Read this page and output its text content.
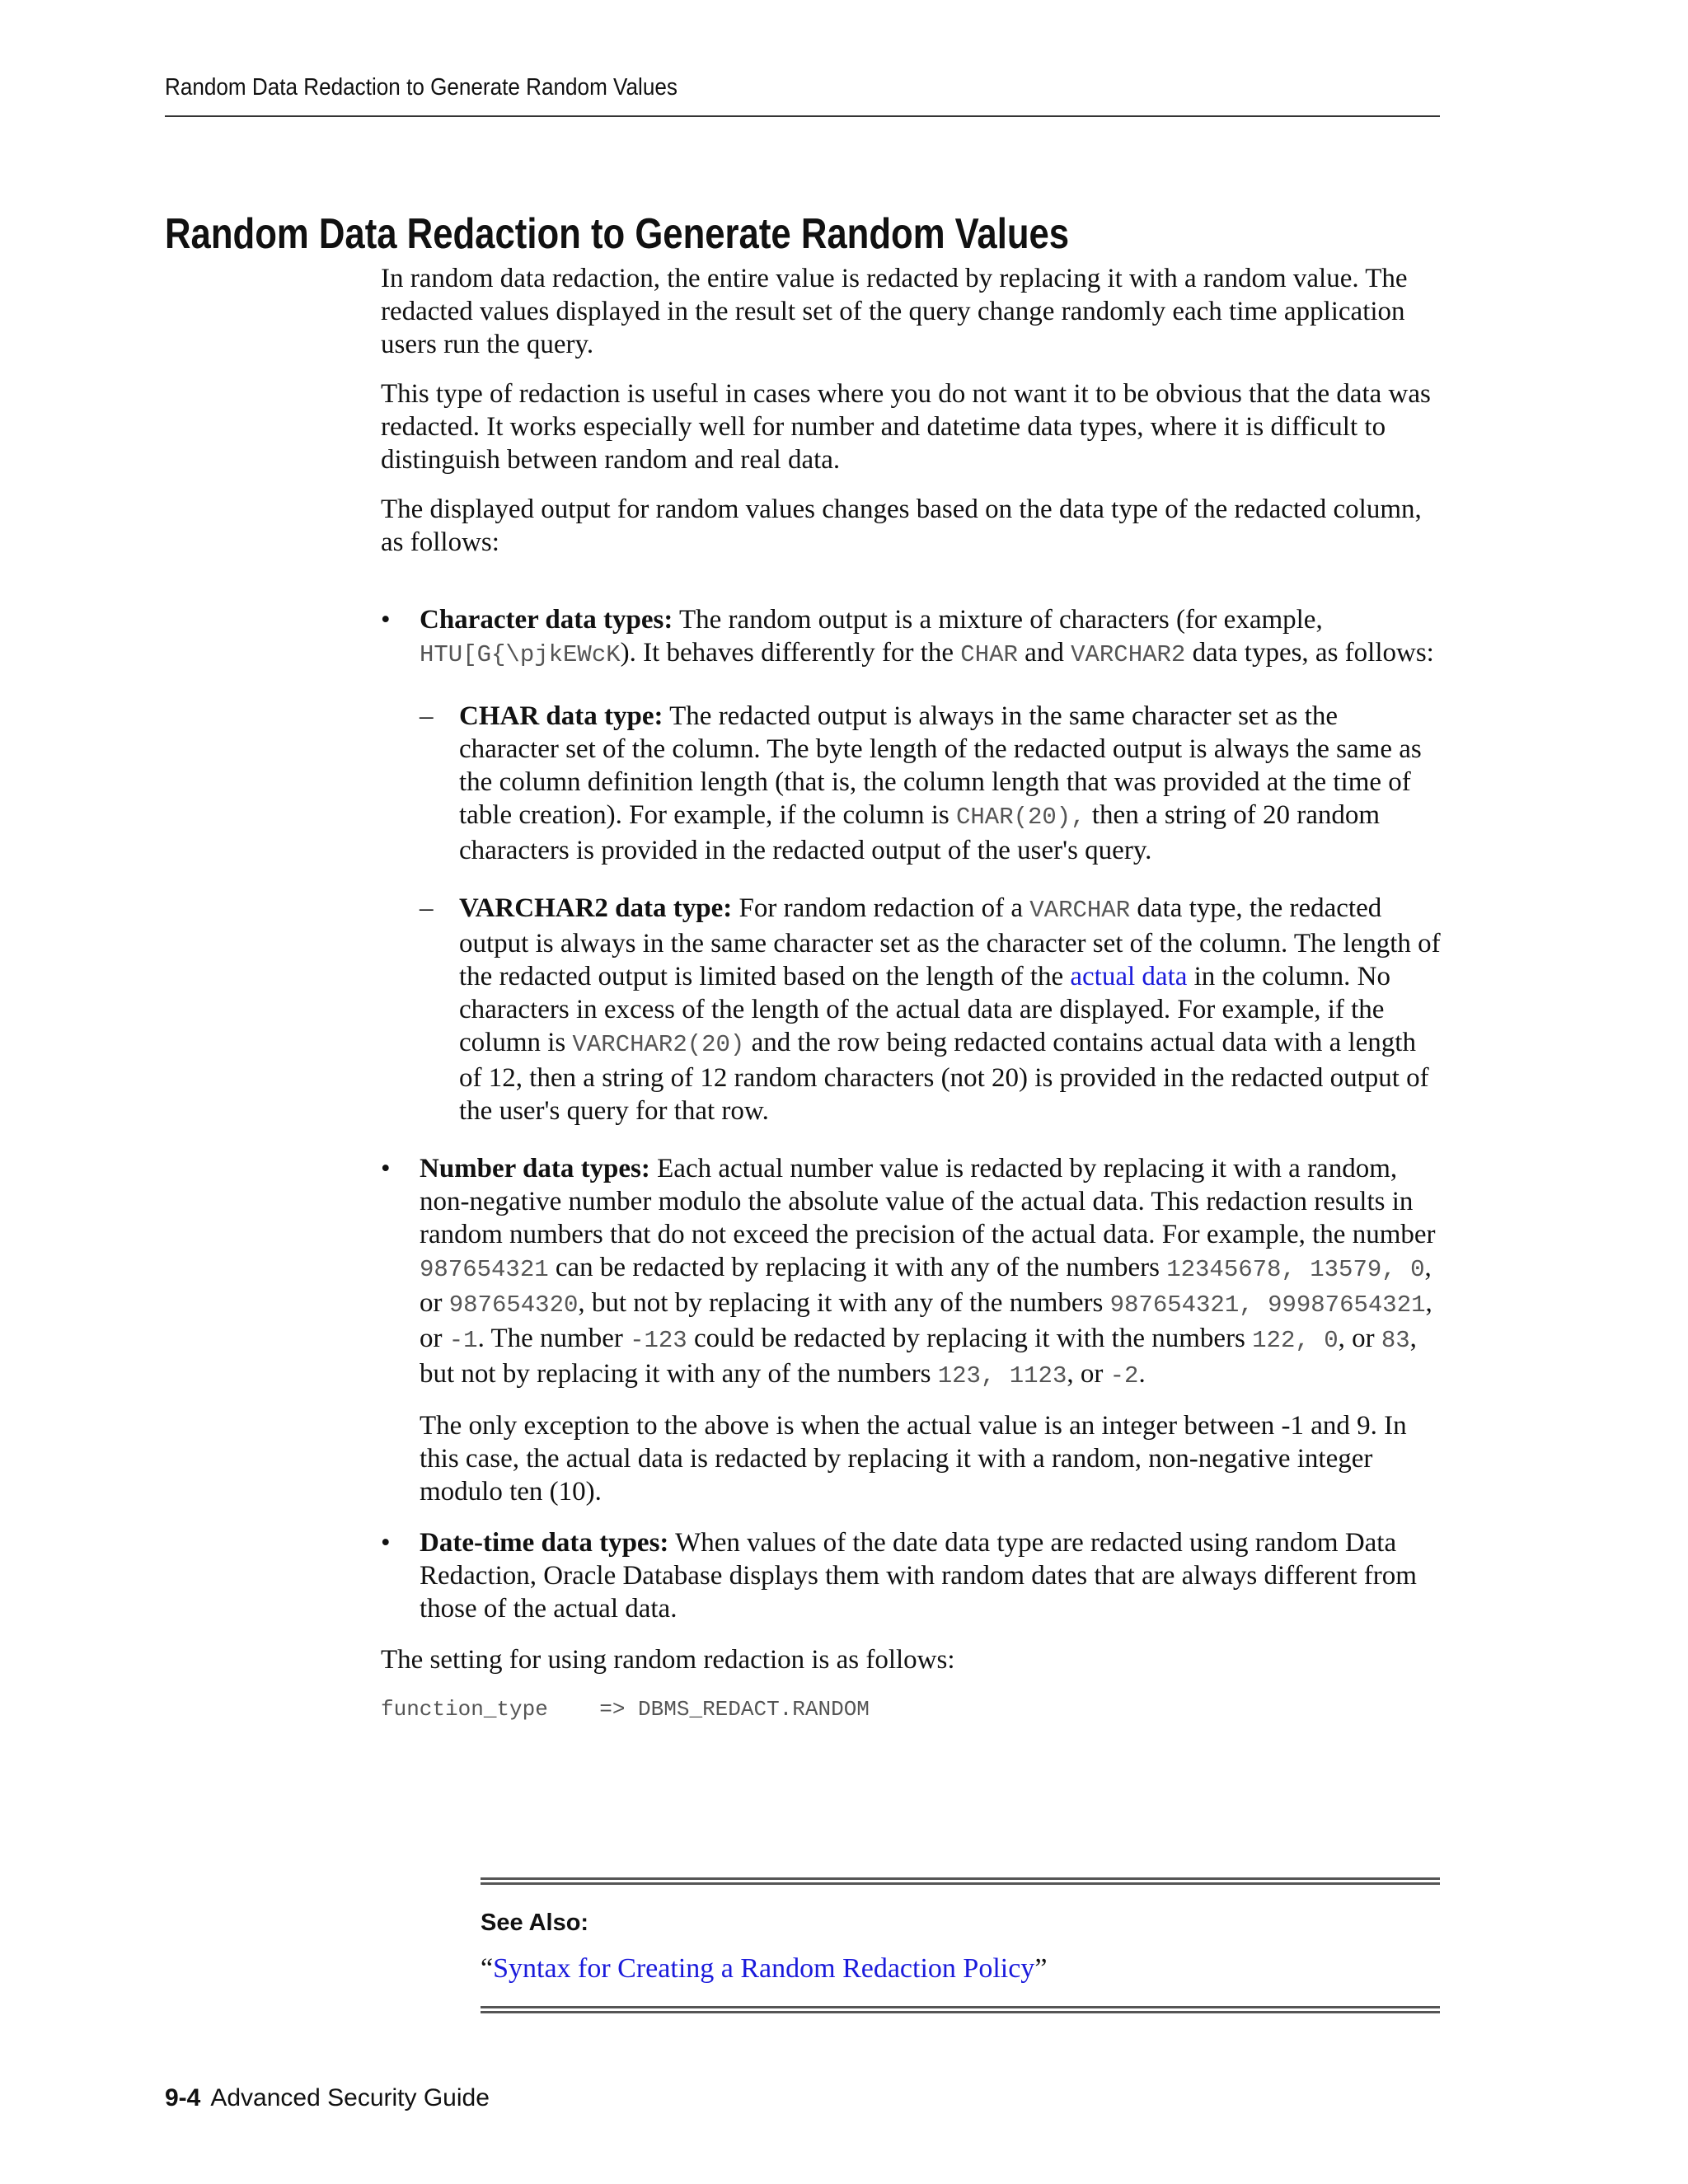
Random Data Redaction to Generate Random Values
Random Data Redaction to Generate Random Values

In random data redaction, the entire value is redacted by replacing it with a random value. The redacted values displayed in the result set of the query change randomly each time application users run the query.

This type of redaction is useful in cases where you do not want it to be obvious that the data was redacted. It works especially well for number and datetime data types, where it is difficult to distinguish between random and real data.

The displayed output for random values changes based on the data type of the redacted column, as follows:

• Character data types: The random output is a mixture of characters (for example, HTU[G{\pjkEWcK). It behaves differently for the CHAR and VARCHAR2 data types, as follows:
– CHAR data type: The redacted output is always in the same character set as the character set of the column. The byte length of the redacted output is always the same as the column definition length (that is, the column length that was provided at the time of table creation). For example, if the column is CHAR(20), then a string of 20 random characters is provided in the redacted output of the user's query.
– VARCHAR2 data type: For random redaction of a VARCHAR data type, the redacted output is always in the same character set as the character set of the column. The length of the redacted output is limited based on the length of the actual data in the column. No characters in excess of the length of the actual data are displayed. For example, if the column is VARCHAR2(20) and the row being redacted contains actual data with a length of 12, then a string of 12 random characters (not 20) is provided in the redacted output of the user's query for that row.
• Number data types: Each actual number value is redacted by replacing it with a random, non-negative number modulo the absolute value of the actual data. This redaction results in random numbers that do not exceed the precision of the actual data. For example, the number 987654321 can be redacted by replacing it with any of the numbers 12345678, 13579, 0, or 987654320, but not by replacing it with any of the numbers 987654321, 99987654321, or -1. The number -123 could be redacted by replacing it with the numbers 122, 0, or 83, but not by replacing it with any of the numbers 123, 1123, or -2.

The only exception to the above is when the actual value is an integer between -1 and 9. In this case, the actual data is redacted by replacing it with a random, non-negative integer modulo ten (10).

• Date-time data types: When values of the date data type are redacted using random Data Redaction, Oracle Database displays them with random dates that are always different from those of the actual data.

The setting for using random redaction is as follows:

function_type    => DBMS_REDACT.RANDOM
See Also:
“Syntax for Creating a Random Redaction Policy”
9-4 Advanced Security Guide
